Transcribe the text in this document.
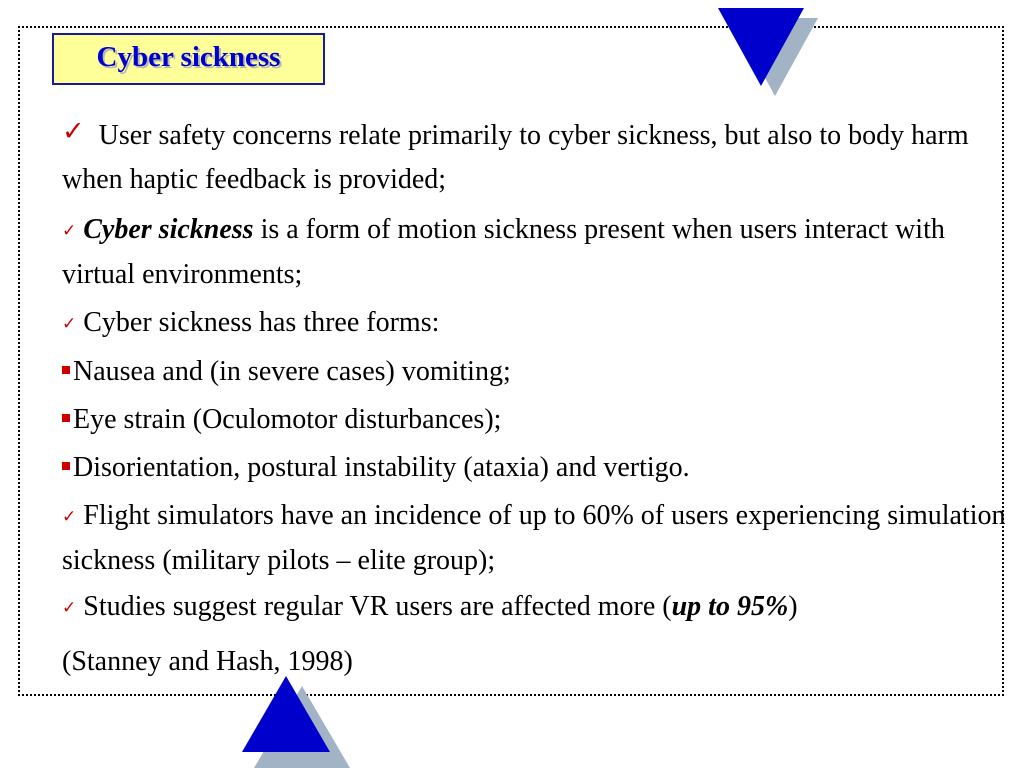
Cyber sickness

✓ User safety concerns relate primarily to cyber sickness, but also to body harm when haptic feedback is provided;

✓ Cyber sickness is a form of motion sickness present when users interact with virtual environments;

✓ Cyber sickness has three forms:

Nausea and (in severe cases) vomiting;

Eye strain (Oculomotor disturbances);

Disorientation, postural instability (ataxia) and vertigo.

✓ Flight simulators have an incidence of up to 60% of users experiencing simulation sickness (military pilots – elite group);

✓ Studies suggest regular VR users are affected more (up to 95%)

(Stanney and Hash, 1998)
